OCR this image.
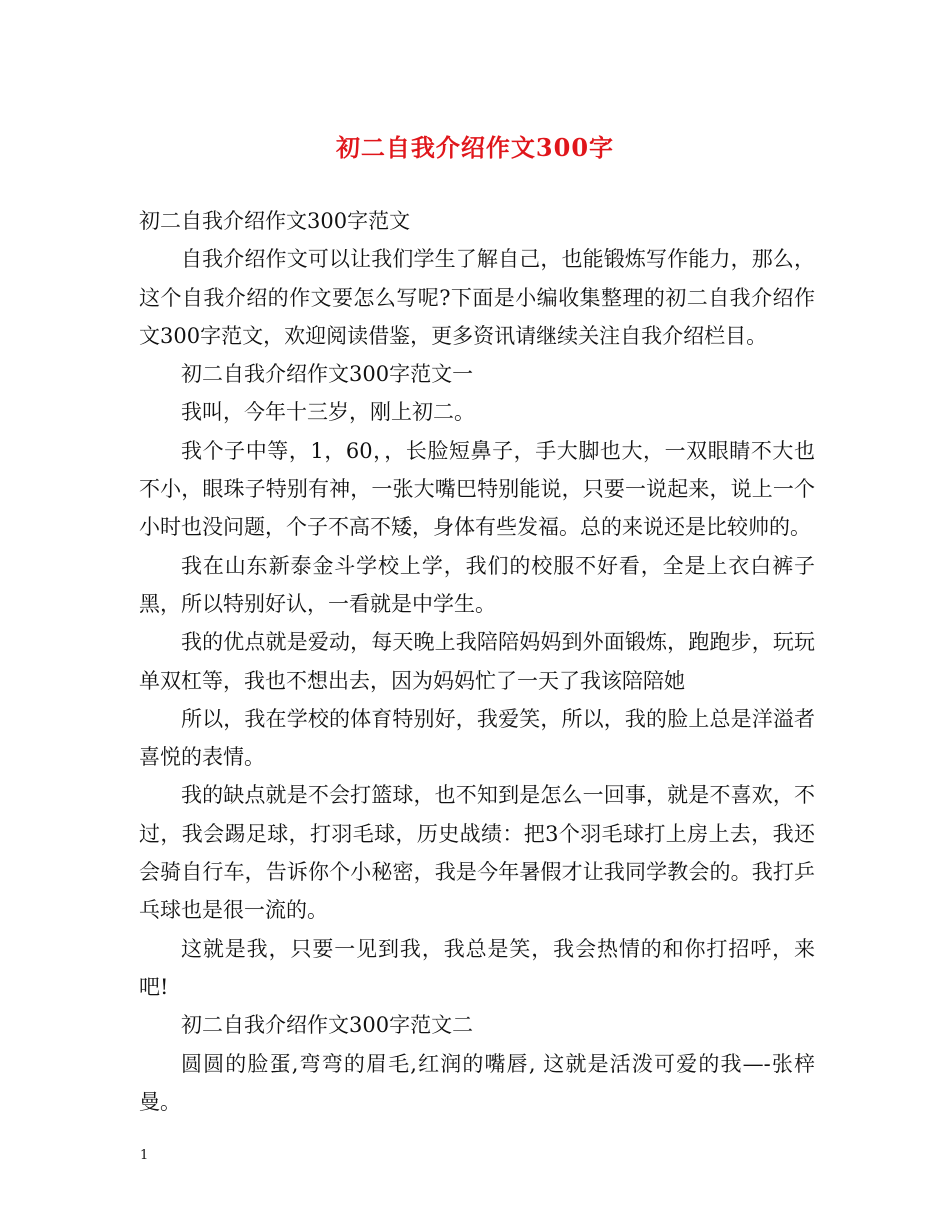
初二自我介绍作文300字

初二自我介绍作文300字范文

自我介绍作文可以让我们学生了解自己，也能锻炼写作能力，那么，这个自我介绍的作文要怎么写呢?下面是小编收集整理的初二自我介绍作文300字范文，欢迎阅读借鉴，更多资讯请继续关注自我介绍栏目。

初二自我介绍作文300字范文一

我叫，今年十三岁，刚上初二。

我个子中等，1，60，，长脸短鼻子，手大脚也大，一双眼睛不大也不小，眼珠子特别有神，一张大嘴巴特别能说，只要一说起来，说上一个小时也没问题，个子不高不矮，身体有些发福。总的来说还是比较帅的。

我在山东新泰金斗学校上学，我们的校服不好看，全是上衣白裤子黑，所以特别好认，一看就是中学生。

我的优点就是爱动，每天晚上我陪陪妈妈到外面锻炼，跑跑步，玩玩单双杠等，我也不想出去，因为妈妈忙了一天了我该陪陪她

所以，我在学校的体育特别好，我爱笑，所以，我的脸上总是洋溢者喜悦的表情。

我的缺点就是不会打篮球，也不知到是怎么一回事，就是不喜欢，不过，我会踢足球，打羽毛球，历史战绩：把3个羽毛球打上房上去，我还会骑自行车，告诉你个小秘密，我是今年暑假才让我同学教会的。我打乒乓球也是很一流的。

这就是我，只要一见到我，我总是笑，我会热情的和你打招呼，来吧!

初二自我介绍作文300字范文二

圆圆的脸蛋,弯弯的眉毛,红润的嘴唇, 这就是活泼可爱的我—-张梓曼。

1
